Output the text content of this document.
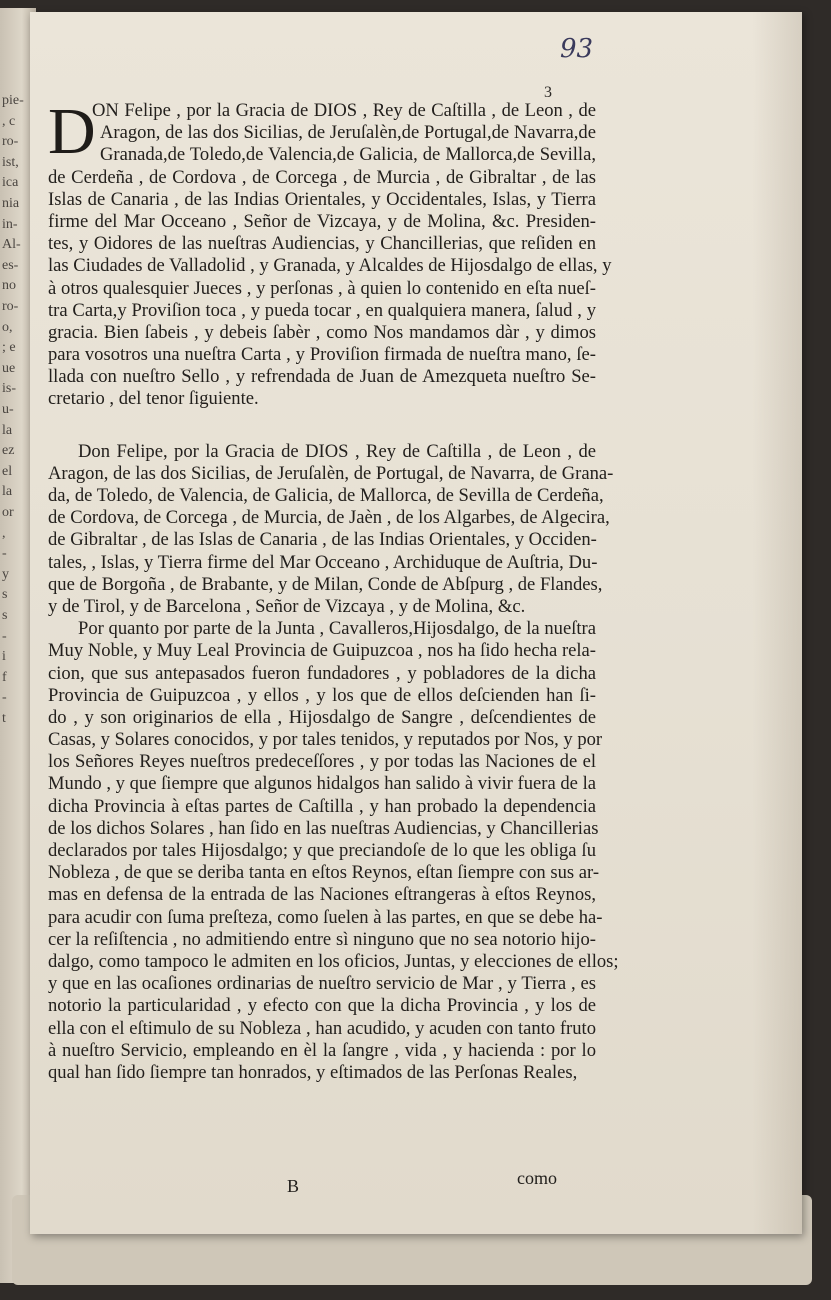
pie-
, c
ro-
ist,
ica
nia
in-
Al-
es-
no
ro-
o,
; e
ue
is-
u-
la
ez
el
la
or
,
-
y
s
s
-
i
f
-
t
93
3
D
ON Felipe , por la Gracia de DIOS , Rey de Caſtilla , de Leon , de
Aragon, de las dos Sicilias, de Jeruſalèn,de Portugal,de Navarra,de
Granada,de Toledo,de Valencia,de Galicia, de Mallorca,de Sevilla,
de Cerdeña , de Cordova , de Corcega , de Murcia , de Gibraltar , de las
Islas de Canaria , de las Indias Orientales, y Occidentales, Islas, y Tierra
firme del Mar Occeano , Señor de Vizcaya, y de Molina, &c. Presiden-
tes, y Oidores de las nueſtras Audiencias, y Chancillerias, que reſiden en
las Ciudades de Valladolid , y Granada, y Alcaldes de Hijosdalgo de ellas, y
à otros qualesquier Jueces , y perſonas , à quien lo contenido en eſta nueſ-
tra Carta,y Proviſion toca , y pueda tocar , en qualquiera manera, ſalud , y
gracia. Bien ſabeis , y debeis ſabèr , como Nos mandamos dàr , y dimos
para vosotros una nueſtra Carta , y Proviſion firmada de nueſtra mano, ſe-
llada con nueſtro Sello , y refrendada de Juan de Amezqueta nueſtro Se-
cretario , del tenor ſiguiente.
Don Felipe, por la Gracia de DIOS , Rey de Caſtilla , de Leon , de
Aragon, de las dos Sicilias, de Jeruſalèn, de Portugal, de Navarra, de Grana-
da, de Toledo, de Valencia, de Galicia, de Mallorca, de Sevilla de Cerdeña,
de Cordova, de Corcega , de Murcia, de Jaèn , de los Algarbes, de Algecira,
de Gibraltar , de las Islas de Canaria , de las Indias Orientales, y Occiden-
tales, , Islas, y Tierra firme del Mar Occeano , Archiduque de Auſtria, Du-
que de Borgoña , de Brabante, y de Milan, Conde de Abſpurg , de Flandes,
y de Tirol, y de Barcelona , Señor de Vizcaya , y de Molina, &c.
Por quanto por parte de la Junta , Cavalleros,Hijosdalgo, de la nueſtra
Muy Noble, y Muy Leal Provincia de Guipuzcoa , nos ha ſido hecha rela-
cion, que sus antepasados fueron fundadores , y pobladores de la dicha
Provincia de Guipuzcoa , y ellos , y los que de ellos deſcienden han ſi-
do , y son originarios de ella , Hijosdalgo de Sangre , deſcendientes de
Casas, y Solares conocidos, y por tales tenidos, y reputados por Nos, y por
los Señores Reyes nueſtros predeceſſores , y por todas las Naciones de el
Mundo , y que ſiempre que algunos hidalgos han salido à vivir fuera de la
dicha Provincia à eſtas partes de Caſtilla , y han probado la dependencia
de los dichos Solares , han ſido en las nueſtras Audiencias, y Chancillerias
declarados por tales Hijosdalgo; y que preciandoſe de lo que les obliga ſu
Nobleza , de que se deriba tanta en eſtos Reynos, eſtan ſiempre con sus ar-
mas en defensa de la entrada de las Naciones eſtrangeras à eſtos Reynos,
para acudir con ſuma preſteza, como ſuelen à las partes, en que se debe ha-
cer la reſiſtencia , no admitiendo entre sì ninguno que no sea notorio hijo-
dalgo, como tampoco le admiten en los oficios, Juntas, y elecciones de ellos;
y que en las ocaſiones ordinarias de nueſtro servicio de Mar , y Tierra , es
notorio la particularidad , y efecto con que la dicha Provincia , y los de
ella con el eſtimulo de su Nobleza , han acudido, y acuden con tanto fruto
à nueſtro Servicio, empleando en èl la ſangre , vida , y hacienda : por lo
qual han ſido ſiempre tan honrados, y eſtimados de las Perſonas Reales,
B	como
